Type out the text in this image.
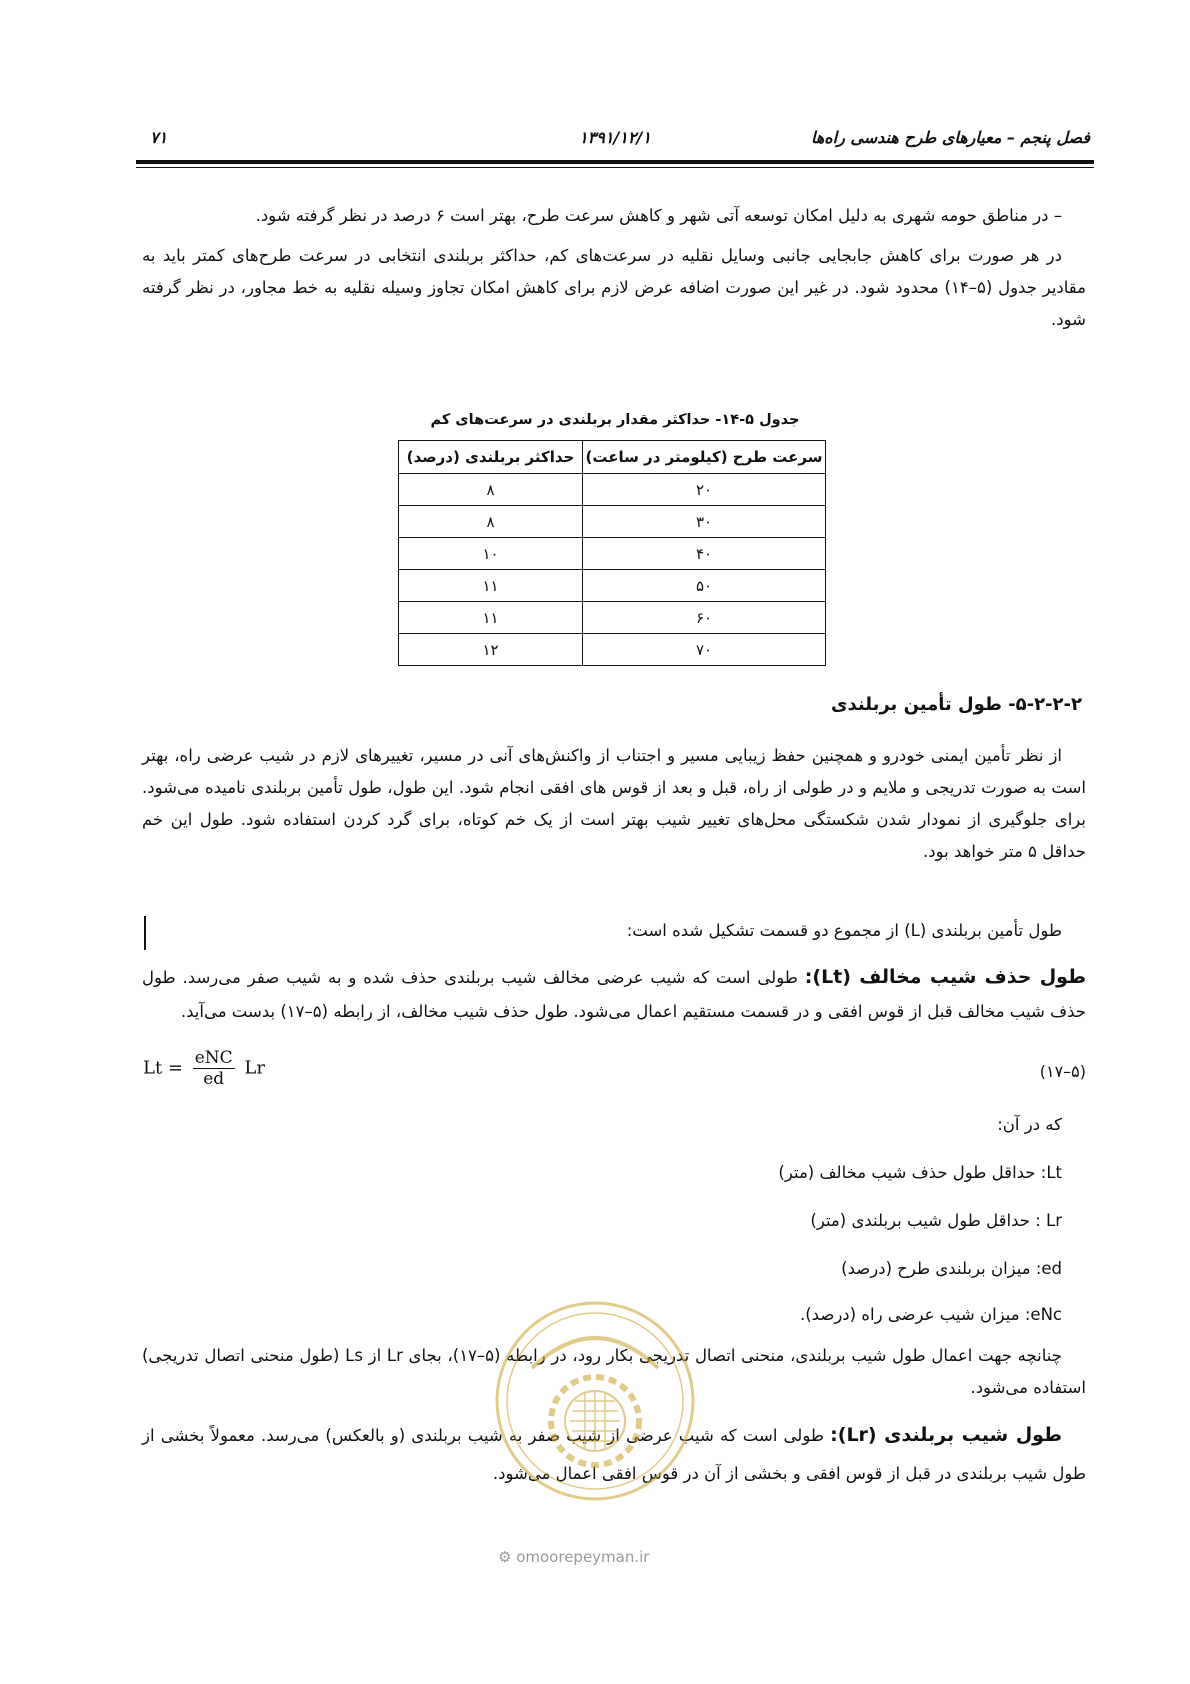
فصل پنجم – معیارهای طرح هندسی راه‌ها
۱۳۹۱/۱۲/۱
۷۱
– در مناطق حومه شهری به دلیل امکان توسعه آتی شهر و کاهش سرعت طرح، بهتر است ۶ درصد در نظر گرفته شود.
در هر صورت برای کاهش جابجایی جانبی وسایل نقلیه در سرعت‌های کم، حداکثر بربلندی انتخابی در سرعت طرح‌های کمتر باید به مقادیر جدول (۵–۱۴) محدود شود. در غیر این صورت اضافه عرض لازم برای کاهش امکان تجاوز وسیله نقلیه به خط مجاور، در نظر گرفته شود.
جدول ۵-۱۴- حداکثر مقدار بربلندی در سرعت‌های کم
سرعت طرح (کیلومتر در ساعت)	حداکثر بربلندی (درصد)
۲۰	۸
۳۰	۸
۴۰	۱۰
۵۰	۱۱
۶۰	۱۱
۷۰	۱۲
۵-۲-۲-۲- طول تأمین بربلندی
از نظر تأمین ایمنی خودرو و همچنین حفظ زیبایی مسیر و اجتناب از واکنش‌های آنی در مسیر، تغییرهای لازم در شیب عرضی راه، بهتر است به صورت تدریجی و ملایم و در طولی از راه، قبل و بعد از قوس های افقی انجام شود. این طول، طول تأمین بربلندی نامیده می‌شود. برای جلوگیری از نمودار شدن شکستگی محل‌های تغییر شیب بهتر است از یک خم کوتاه، برای گرد کردن استفاده شود. طول این خم حداقل ۵ متر خواهد بود.
طول تأمین بربلندی (L) از مجموع دو قسمت تشکیل شده است:
طول حذف شیب مخالف (Lt): طولی است که شیب عرضی مخالف شیب بربلندی حذف شده و به شیب صفر می‌رسد. طول حذف شیب مخالف قبل از قوس افقی و در قسمت مستقیم اعمال می‌شود. طول حذف شیب مخالف، از رابطه (۵–۱۷) بدست می‌آید.
$Lt = \frac{\text{eNC}}{ed}$ Lr	(۵–۱۷)
که در آن:
Lt: حداقل طول حذف شیب مخالف (متر)
Lr : حداقل طول شیب بربلندی (متر)
ed: میزان بربلندی طرح (درصد)
eNc: میزان شیب عرضی راه (درصد).
چنانچه جهت اعمال طول شیب بربلندی، منحنی اتصال تدریجی بکار رود، در رابطه (۵–۱۷)، بجای Lr از Ls (طول منحنی اتصال تدریجی) استفاده می‌شود.
طول شیب بربلندی (Lr): طولی است که شیب عرضی از شیب صفر به شیب بربلندی (و بالعکس) می‌رسد. معمولاً بخشی از طول شیب بربلندی در قبل از قوس افقی و بخشی از آن در قوس افقی اعمال می‌شود.
⚙ omoorepeyman.ir
